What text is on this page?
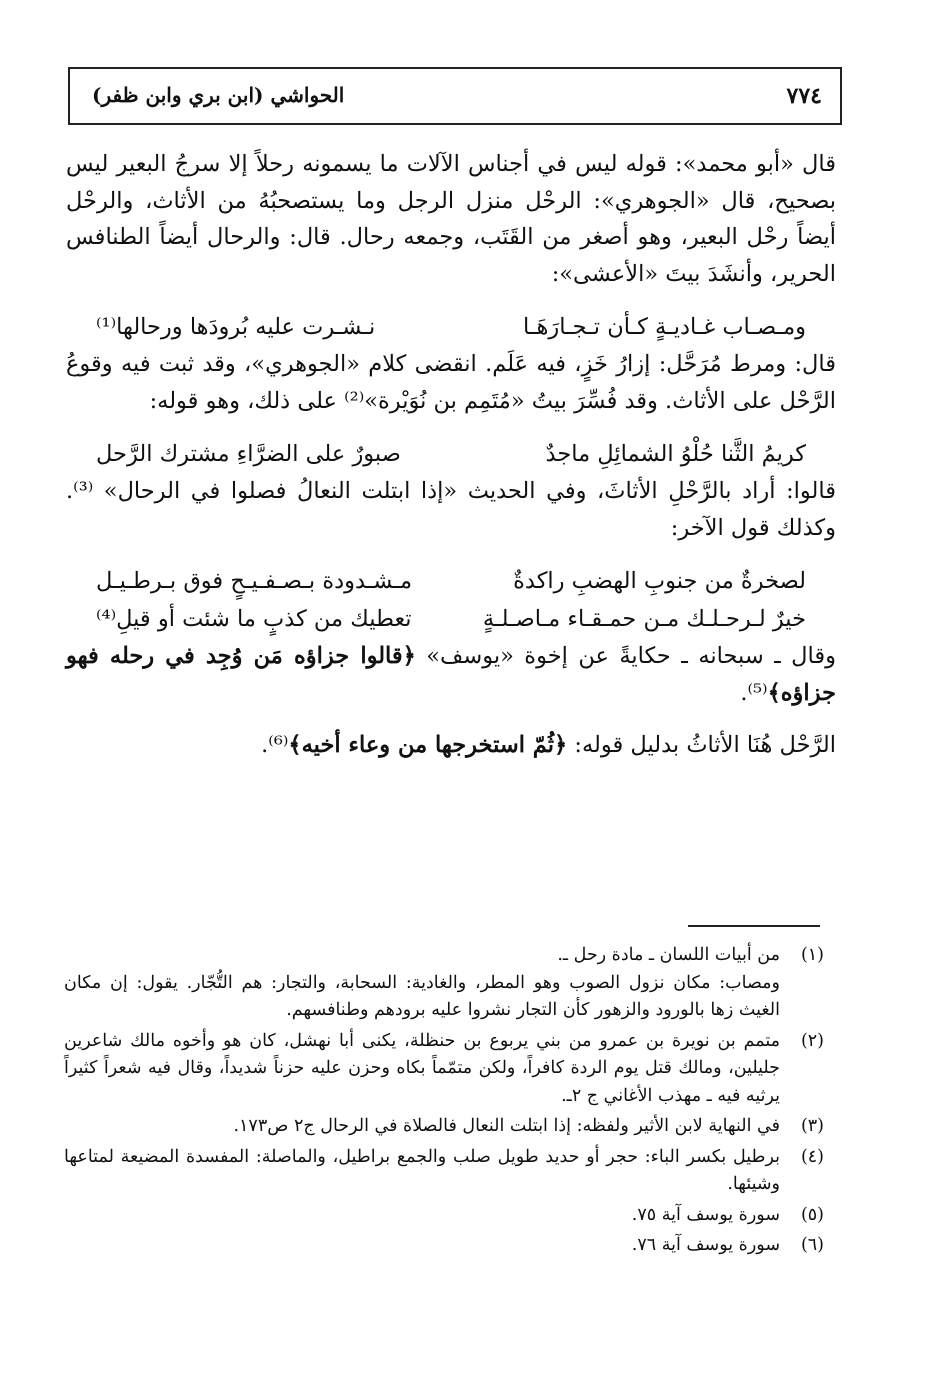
٧٧٤
الحواشي (ابن بري وابن ظفر)

قال «أبو محمد»: قوله ليس في أجناس الآلات ما يسمونه رحلاً إلا سرجُ البعير ليس بصحيح، قال «الجوهري»: الرحْل منزل الرجل وما يستصحبُهُ من الأثاث، والرحْل أيضاً رحْل البعير، وهو أصغر من القَتَب، وجمعه رحال. قال: والرحال أيضاً الطنافس الحرير، وأنشَدَ بيتَ «الأعشى»:

ومـصـاب غـاديـةٍ كـأن تـجـارَهَـا
نـشـرت عليه بُرودَها ورحالها⁽¹⁾

قال: ومرط مُرَحَّل: إزارُ خَزٍ، فيه عَلَم. انقضى كلام «الجوهري»، وقد ثبت فيه وقوعُ الرَّحْل على الأثاث. وقد فُسِّرَ بيتُ «مُتَمِم بن نُوَيْرة»⁽²⁾ على ذلك، وهو قوله:

كريمُ الثَّنا حُلْوُ الشمائِلِ ماجدٌ
صبورٌ على الضرَّاءِ مشترك الرَّحل

قالوا: أراد بالرَّحْلِ الأثاثَ، وفي الحديث «إذا ابتلت النعالُ فصلوا في الرحال» ⁽³⁾. وكذلك قول الآخر:

لصخرةٌ من جنوبِ الهضبِ راكدةٌ
مـشـدودة بـصـفـيـحٍ فوق بـرطـيـل
خيرٌ لـرحـلـك مـن حمـقـاء مـاصـلـةٍ
تعطيك من كذبٍ ما شئت أو قيلِ⁽⁴⁾

وقال ـ سبحانه ـ حكايةً عن إخوة «يوسف» ﴿قالوا جزاؤه مَن وُجِد في رحله فهو جزاؤه﴾⁽⁵⁾.

الرَّحْل هُنَا الأثاثُ بدليل قوله: ﴿ثُمّ استخرجها من وعاء أخيه﴾⁽⁶⁾.

(١)
من أبيات اللسان ـ مادة رحل ـ.
ومصاب: مكان نزول الصوب وهو المطر، والغادية: السحابة، والتجار: هم التُّجّار. يقول: إن مكان الغيث زها بالورود والزهور كأن التجار نشروا عليه برودهم وطنافسهم.
(٢)
متمم بن نويرة بن عمرو من بني يربوع بن حنظلة، يكنى أبا نهشل، كان هو وأخوه مالك شاعرين جليلين، ومالك قتل يوم الردة كافراً، ولكن متمّماً بكاه وحزن عليه حزناً شديداً، وقال فيه شعراً كثيراً يرثيه فيه ـ مهذب الأغاني ج ٢ـ.
(٣)
في النهاية لابن الأثير ولفظه: إذا ابتلت النعال فالصلاة في الرحال ج٢ ص١٧٣.
(٤)
برطيل بكسر الباء: حجر أو حديد طويل صلب والجمع براطيل، والماصلة: المفسدة المضيعة لمتاعها وشيئها.
(٥)
سورة يوسف آية ٧٥.
(٦)
سورة يوسف آية ٧٦.
